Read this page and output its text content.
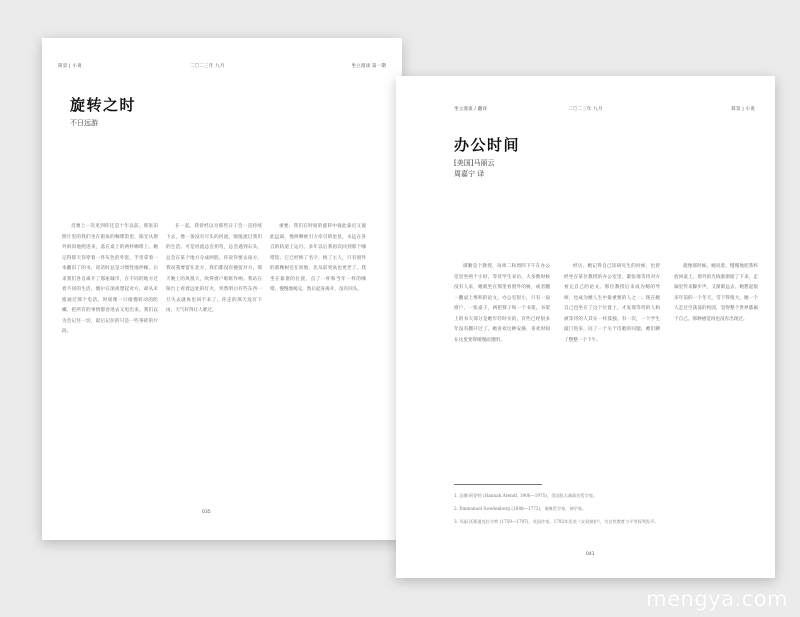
简景 | 小说	二〇二三年 九月	坐立漫谈 第一期
旋转之时
不日远游

肖雅上一次见到你还是十年以前。那张旧照片里的我们坐在街角的咖啡馆里，阳光从窗外斜斜地照进来，落在桌上的两杯咖啡上。她记得那天你穿着一件灰色的外套，手里拿着一本翻旧了的书，说话时总是习惯性地停顿。后来我们各自离开了那座城市，在不同的地方过着不同的生活，偶尔在深夜想起对方，却从未拨通过那个电话。时间像一只缓慢转动的陀螺，把所有的事情都卷进去又甩出来。我们以为会记住一切，最后记住的只是一些零碎的片段。

在一起。我曾经以为那些日子会一直持续下去，像一条没有尽头的河流，缓缓流过我们的生活。可是河流总会拐弯，总会遇到石头，总会在某个地方分成两股。你说你要去南方，我说我要留在北方，我们都没有挽留对方。那天晚上的风很大，吹得窗户哐哐作响。我站在阳台上看着远处的灯火，突然明白有些东西一旦失去就再也回不来了。你走的那天没有下雨，天气好得让人难过。

重要。我们在时间的旋转中彼此靠近又彼此远离，像两颗被引力牵引的星星，永远在各自的轨道上运行。多年以后我再次回到那个咖啡馆，它已经换了名字，换了主人，只有窗外的那棵树还在原地，比从前更高也更老了。我坐在靠窗的位置，点了一杯和当年一样的咖啡，慢慢地喝完，然后起身离开，没有回头。

035
坐立漫谈 / 翻译	二〇二三年 九月	简景 | 小说
办公时间
[美国]马丽云
周嘉宁 译

谭勤是个教授，每周二和周四下午在办公室里坐两个小时，等待学生来访。大多数时候没有人来，她就坐在那里看窗外的树，或者翻一翻桌上堆积的论文。办公室很小，只有一扇窗户，一张桌子，两把椅子和一个书架。书架上的书大部分是她年轻时买的，有些已经很多年没有翻开过了。她喜欢这种安静，喜欢时间在这里变得缓慢而透明。

经历。她记得自己读研究生的时候，也曾经坐在某位教授的办公室里，紧张地等待对方看完自己的论文。那位教授后来成为她的导师，也成为她人生中最重要的人之一。现在她自己也坐在了这个位置上，才发现等待的人和被等待的人其实一样孤独。有一次，一个学生敲门进来，问了一个关于诗歌的问题，她们聊了整整一个下午。

就像那时候。她说着，慢慢地把茶杯放回桌上。窗外的光线渐渐暗了下来，走廊里传来脚步声，又渐渐远去。她想起很多年前的一个冬天，雪下得很大，她一个人走过空荡荡的校园，觉得整个世界都属于自己。那种感觉再也没有出现过。

1. 汉娜·阿伦特 (Hannah Arendt, 1906—1975)，美国犹太裔政治哲学家。
2. Emmanuel Swedenborg (1688—1772)，瑞典哲学家、神学家。
3. 玛丽·沃斯通克拉夫特 (1759—1797)，英国作家，1792年发表《女权辩护》，为女性教育与平等权利发声。
041
mengya.com
